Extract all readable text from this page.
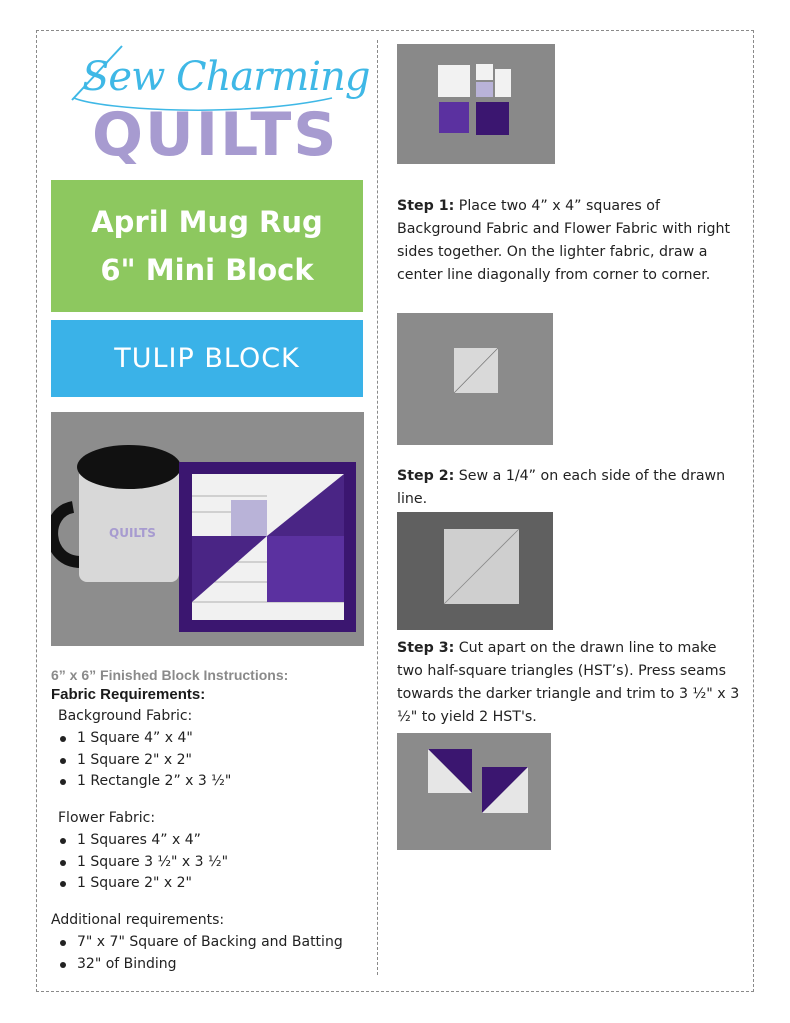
Sew Charming
QUILTS
April Mug Rug
6" Mini Block
TULIP BLOCK
QUILTS
6” x 6” Finished Block Instructions:
Fabric Requirements:
Background Fabric:
1 Square 4” x 4"
1 Square 2" x 2"
1 Rectangle 2” x 3 ½"
Flower Fabric:
1 Squares 4” x 4”
1 Square 3 ½" x 3 ½"
1 Square 2" x 2"
Additional requirements:
7" x 7" Square of Backing and Batting
32" of Binding
Step 1: Place two 4” x 4” squares of Background Fabric and Flower Fabric with right sides together. On the lighter fabric, draw a center line diagonally from corner to corner.
Step 2: Sew a 1/4” on each side of the drawn line.
Step 3: Cut apart on the drawn line to make two half-square triangles (HST’s). Press seams towards the darker triangle and trim to 3 ½" x 3 ½" to yield 2 HST's.
